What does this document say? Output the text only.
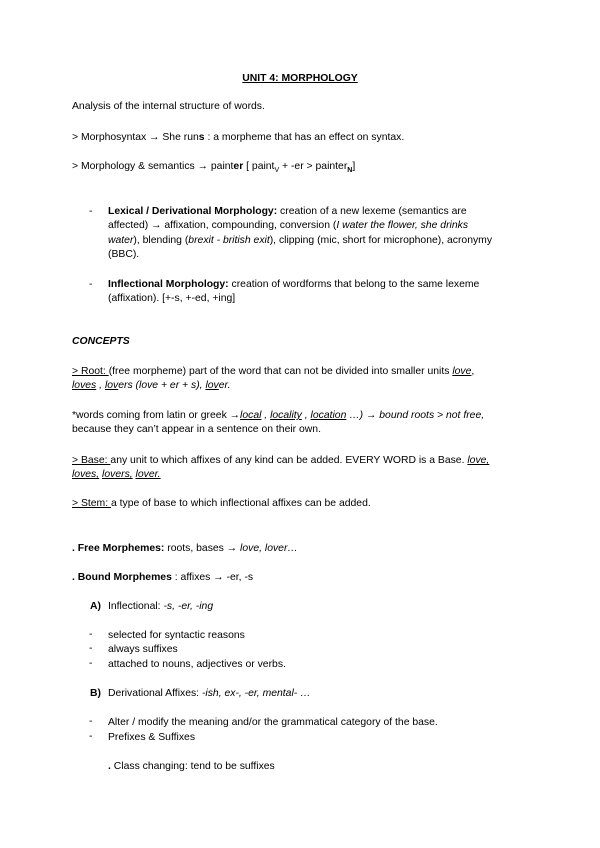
UNIT 4: MORPHOLOGY
Analysis of the internal structure of words.
> Morphosyntax → She runs : a morpheme that has an effect on syntax.
> Morphology & semantics → painter [ paint$_V$ + -er > painter$_N$]
- Lexical / Derivational Morphology: creation of a new lexeme (semantics are
affected) → affixation, compounding, conversion (I water the flower, she drinks
water), blending (brexit - british exit), clipping (mic, short for microphone), acronymy
(BBC).
- Inflectional Morphology: creation of wordforms that belong to the same lexeme
(affixation). [+-s, +-ed, +ing]
CONCEPTS
> Root: (free morpheme) part of the word that can not be divided into smaller units love,
loves , lovers (love + er + s), lover.
*words coming from latin or greek →local , locality , location …) → bound roots > not free,
because they can’t appear in a sentence on their own.
> Base: any unit to which affixes of any kind can be added. EVERY WORD is a Base. love,
loves, lovers, lover.
> Stem: a type of base to which inflectional affixes can be added.
. Free Morphemes: roots, bases → love, lover…
. Bound Morphemes : affixes → -er, -s
A) Inflectional: -s, -er, -ing
- selected for syntactic reasons
- always suffixes
- attached to nouns, adjectives or verbs.
B) Derivational Affixes: -ish, ex-, -er, mental- …
- Alter / modify the meaning and/or the grammatical category of the base.
- Prefixes & Suffixes
. Class changing: tend to be suffixes
